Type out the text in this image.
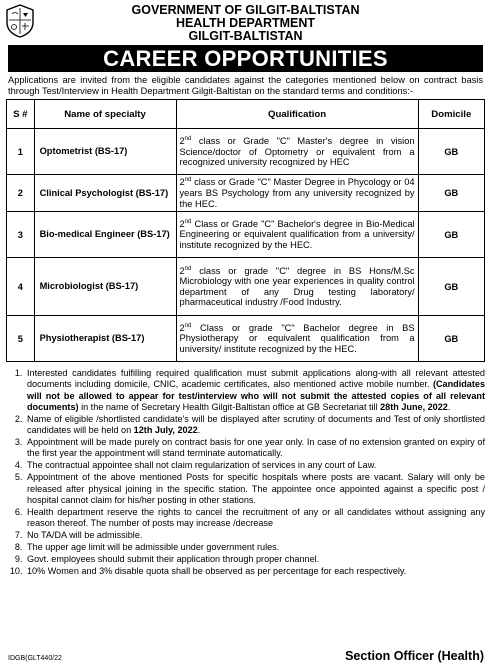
GOVERNMENT OF GILGIT-BALTISTAN
HEALTH DEPARTMENT
GILGIT-BALTISTAN
CAREER OPPORTUNITIES
Applications are invited from the eligible candidates against the categories mentioned below on contract basis through Test/Interview in Health Department Gilgit-Baltistan on the standard terms and conditions:-
S #	Name of specialty	Qualification	Domicile
1	Optometrist (BS-17)	2nd class or Grade "C" Master's degree in vision Science/doctor of Optometry or equivalent from a recognized university recognized by HEC	GB
2	Clinical Psychologist (BS-17)	2nd class or Grade "C" Master Degree in Phycology or 04 years BS Psychology from any university recognized by the HEC.	GB
3	Bio-medical Engineer (BS-17)	2nd Class or Grade "C" Bachelor's degree in Bio-Medical Engineering or equivalent qualification from a university/ institute recognized by the HEC.	GB
4	Microbiologist (BS-17)	2nd class or grade "C" degree in BS Hons/M.Sc Microbiology with one year experiences in quality control department of any Drug testing laboratory/ pharmaceutical industry /Food Industry.	GB
5	Physiotherapist (BS-17)	2nd Class or grade "C" Bachelor degree in BS Physiotherapy or equivalent qualification from a university/ institute recognized by the HEC.	GB
1. Interested candidates fulfilling required qualification must submit applications along-with all relevant attested documents including domicile, CNIC, academic certificates, also mentioned active mobile number. (Candidates will not be allowed to appear for test/interview who will not submit the attested copies of all relevant documents) in the name of Secretary Health Gilgit-Baltistan office at GB Secretariat till 28th June, 2022.
2. Name of eligible /shortlisted candidate's will be displayed after scrutiny of documents and Test of only shortlisted candidates will be held on 12th July, 2022.
3. Appointment will be made purely on contract basis for one year only. In case of no extension granted on expiry of the first year the appointment will stand terminate automatically.
4. The contractual appointee shall not claim regularization of services in any court of Law.
5. Appointment of the above mentioned Posts for specific hospitals where posts are vacant. Salary will only be released after physical joining in the specific station. The appointee once appointed against a specific post / hospital cannot claim for his/her posting in other stations.
6. Health department reserve the rights to cancel the recruitment of any or all candidates without assigning any reason thereof. The number of posts may increase /decrease
7. No TA/DA will be admissible.
8. The upper age limit will be admissible under government rules.
9. Govt. employees should submit their application through proper channel.
10. 10% Women and 3% disable quota shall be observed as per percentage for each respectively.
IDGB(GLT440/22	Section Officer (Health)
